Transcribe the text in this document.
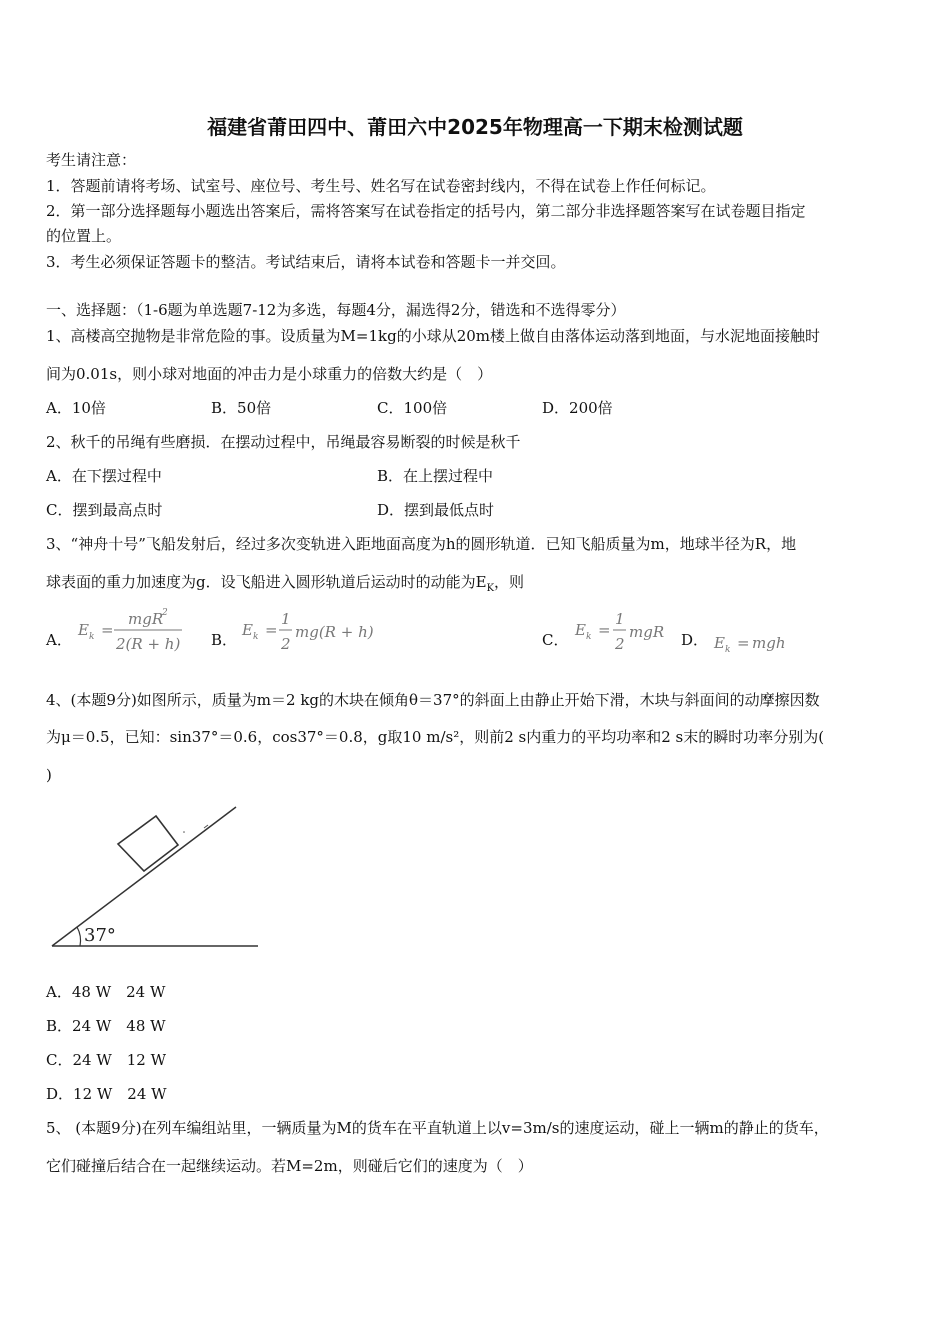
福建省莆田四中、莆田六中2025年物理高一下期末检测试题
考生请注意：
1．答题前请将考场、试室号、座位号、考生号、姓名写在试卷密封线内，不得在试卷上作任何标记。
2．第一部分选择题每小题选出答案后，需将答案写在试卷指定的括号内，第二部分非选择题答案写在试卷题目指定
的位置上。
3．考生必须保证答题卡的整洁。考试结束后，请将本试卷和答题卡一并交回。
一、选择题：（1-6题为单选题7-12为多选，每题4分，漏选得2分，错选和不选得零分）
1、高楼高空抛物是非常危险的事。设质量为M=1kg的小球从20m楼上做自由落体运动落到地面，与水泥地面接触时
间为0.01s，则小球对地面的冲击力是小球重力的倍数大约是（　）
A．10倍	B．50倍	C．100倍	D．200倍
2、秋千的吊绳有些磨损．在摆动过程中，吊绳最容易断裂的时候是秋千
A．在下摆过程中	B．在上摆过程中
C．摆到最高点时	D．摆到最低点时
3、“神舟十号”飞船发射后，经过多次变轨进入距地面高度为h的圆形轨道．已知飞船质量为m，地球半径为R，地
球表面的重力加速度为g．设飞船进入圆形轨道后运动时的动能为$E_K$，则
A．
E k =
mgR
2
2(R + h) B．
E k =
1
2
mg(R + h)	C．
E k =
1
2
mgR D． E k = mgh
4、(本题9分)如图所示，质量为m＝2 kg的木块在倾角θ＝37°的斜面上由静止开始下滑，木块与斜面间的动摩擦因数
为μ＝0.5，已知：sin37°＝0.6，cos37°＝0.8，g取10 m/s²，则前2 s内重力的平均功率和2 s末的瞬时功率分别为(
)
37°
A．48 W　24 W
B．24 W　48 W
C．24 W　12 W
D．12 W　24 W
5、 (本题9分)在列车编组站里，一辆质量为M的货车在平直轨道上以v=3m/s的速度运动，碰上一辆m的静止的货车，
它们碰撞后结合在一起继续运动。若M=2m，则碰后它们的速度为（　）
